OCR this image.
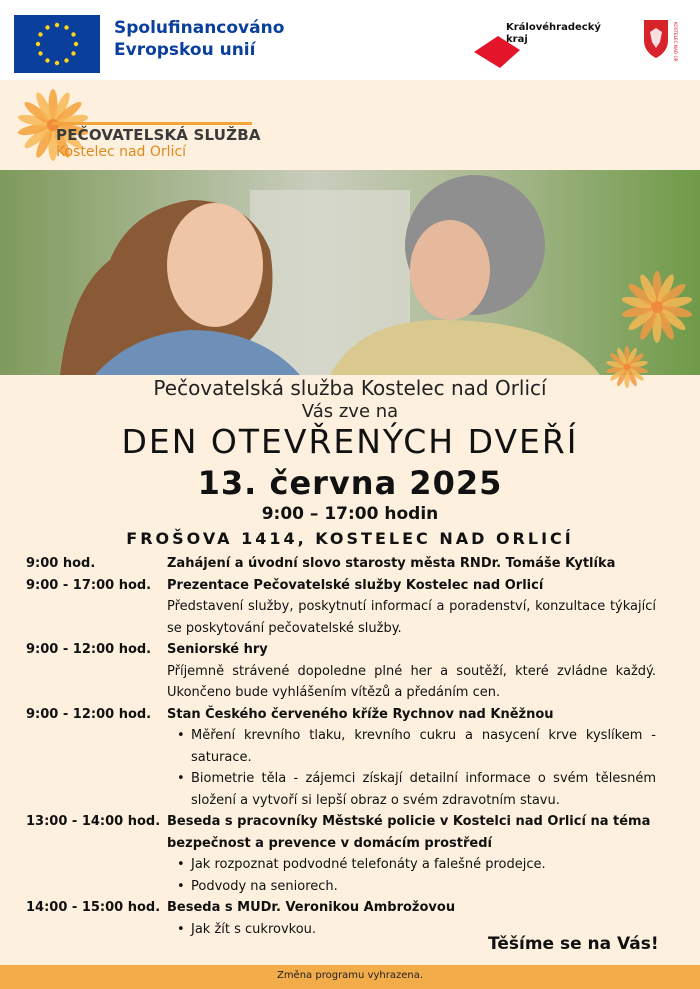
Spolufinancováno
Evropskou unií
Královéhradecký
kraj	KOSTELEC NAD ORLICÍ
PEČOVATELSKÁ SLUŽBA
Kostelec nad Orlicí
Pečovatelská služba Kostelec nad Orlicí
Vás zve na
DEN OTEVŘENÝCH DVEŘÍ
13. června 2025
9:00 – 17:00 hodin
FROŠOVA 1414, KOSTELEC NAD ORLICÍ
9:00 hod.	Zahájení a úvodní slovo starosty města RNDr. Tomáše Kytlíka
9:00 - 17:00 hod.	Prezentace Pečovatelské služby Kostelec nad Orlicí
Představení služby, poskytnutí informací a poradenství, konzultace týkající se poskytování pečovatelské služby.
9:00 - 12:00 hod.	Seniorské hry
Příjemně strávené dopoledne plné her a soutěží, které zvládne každý. Ukončeno bude vyhlášením vítězů a předáním cen.
9:00 - 12:00 hod.	Stan Českého červeného kříže Rychnov nad Kněžnou
• Měření krevního tlaku, krevního cukru a nasycení krve kyslíkem - saturace.
• Biometrie těla - zájemci získají detailní informace o svém tělesném složení a vytvoří si lepší obraz o svém zdravotním stavu.
13:00 - 14:00 hod. Beseda s pracovníky Městské policie v Kostelci nad Orlicí na téma bezpečnost a prevence v domácím prostředí
• Jak rozpoznat podvodné telefonáty a falešné prodejce.
• Podvody na seniorech.
14:00 - 15:00 hod. Beseda s MUDr. Veronikou Ambrožovou
• Jak žít s cukrovkou.
Těšíme se na Vás!
Změna programu vyhrazena.
